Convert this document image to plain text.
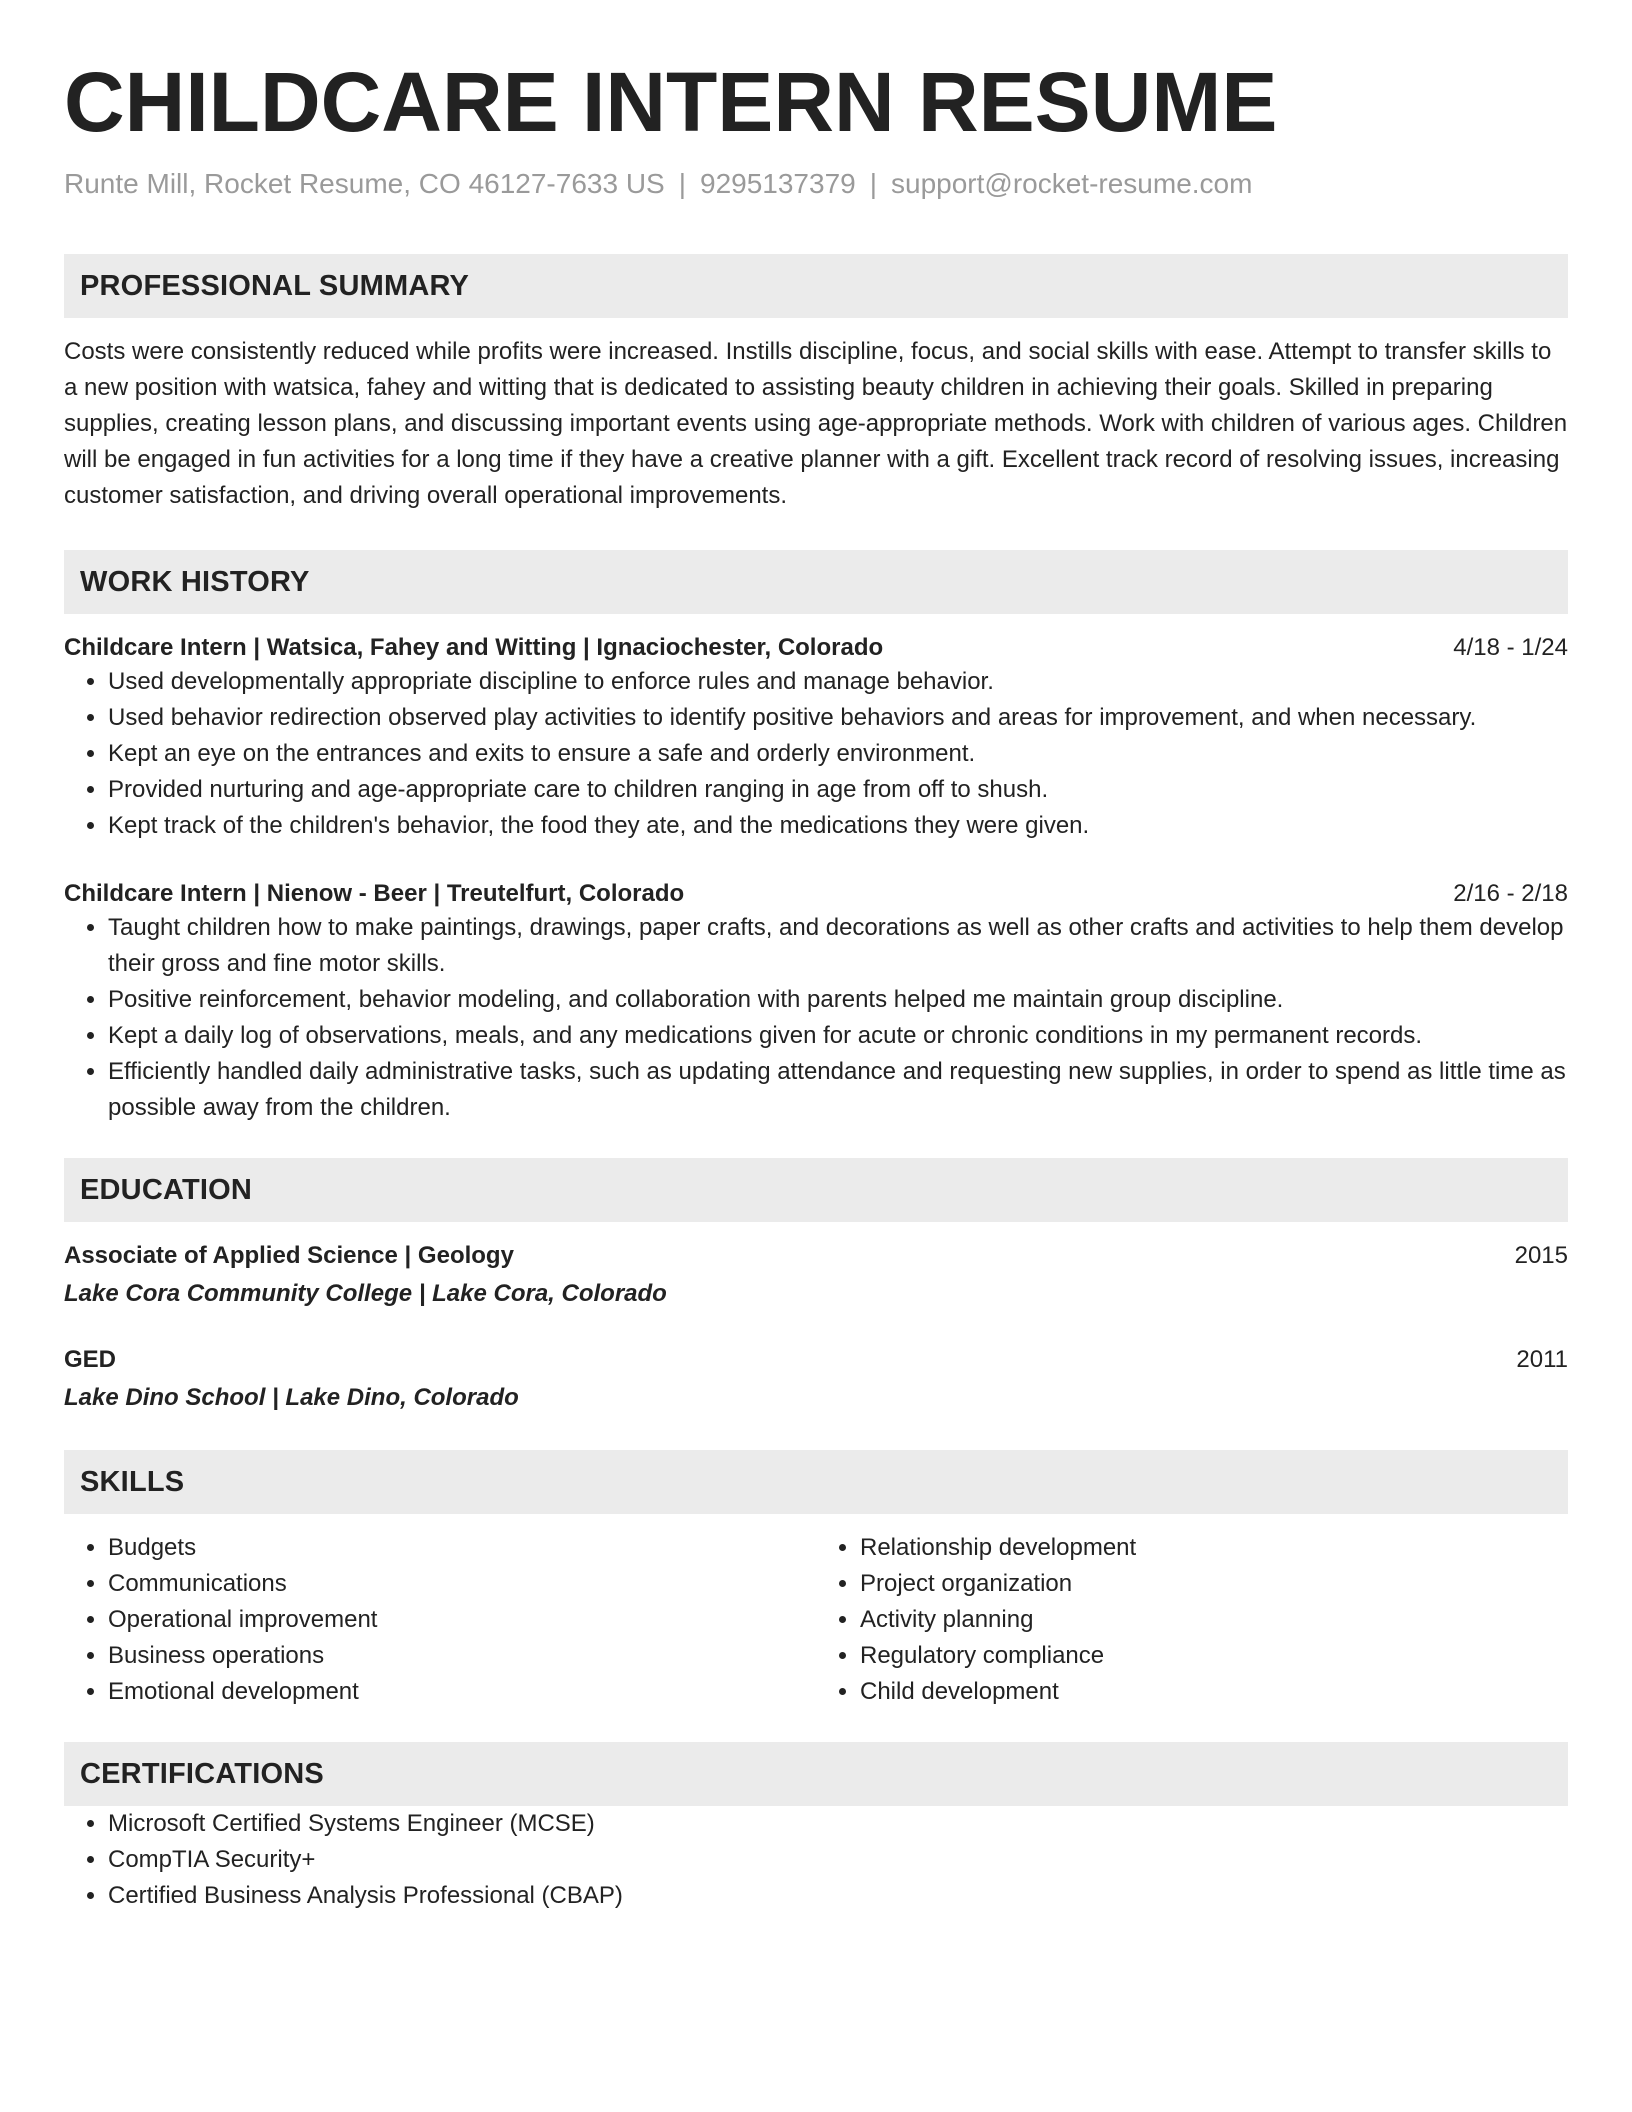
CHILDCARE INTERN RESUME
Runte Mill, Rocket Resume, CO 46127-7633 US | 9295137379 | support@rocket-resume.com
PROFESSIONAL SUMMARY

Costs were consistently reduced while profits were increased. Instills discipline, focus, and social skills with ease. Attempt to transfer skills to a new position with watsica, fahey and witting that is dedicated to assisting beauty children in achieving their goals. Skilled in preparing supplies, creating lesson plans, and discussing important events using age-appropriate methods. Work with children of various ages. Children will be engaged in fun activities for a long time if they have a creative planner with a gift. Excellent track record of resolving issues, increasing customer satisfaction, and driving overall operational improvements.

WORK HISTORY
Childcare Intern | Watsica, Fahey and Witting | Ignaciochester, Colorado	4/18 - 1/24
• Used developmentally appropriate discipline to enforce rules and manage behavior.
• Used behavior redirection observed play activities to identify positive behaviors and areas for improvement, and when necessary.
• Kept an eye on the entrances and exits to ensure a safe and orderly environment.
• Provided nurturing and age-appropriate care to children ranging in age from off to shush.
• Kept track of the children's behavior, the food they ate, and the medications they were given.
Childcare Intern | Nienow - Beer | Treutelfurt, Colorado	2/16 - 2/18
• Taught children how to make paintings, drawings, paper crafts, and decorations as well as other crafts and activities to help them develop their gross and fine motor skills.
• Positive reinforcement, behavior modeling, and collaboration with parents helped me maintain group discipline.
• Kept a daily log of observations, meals, and any medications given for acute or chronic conditions in my permanent records.
• Efficiently handled daily administrative tasks, such as updating attendance and requesting new supplies, in order to spend as little time as possible away from the children.
EDUCATION
Associate of Applied Science | Geology	2015
Lake Cora Community College | Lake Cora, Colorado
GED	2011
Lake Dino School | Lake Dino, Colorado
SKILLS
• Budgets
• Communications
• Operational improvement
• Business operations
• Emotional development
• Relationship development
• Project organization
• Activity planning
• Regulatory compliance
• Child development
CERTIFICATIONS
• Microsoft Certified Systems Engineer (MCSE)
• CompTIA Security+
• Certified Business Analysis Professional (CBAP)
